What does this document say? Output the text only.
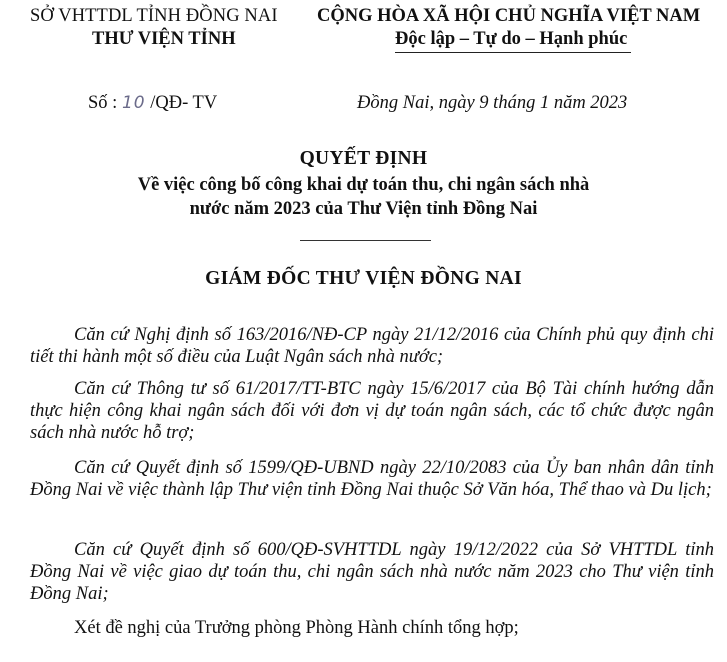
SỞ VHTTDL TỈNH ĐỒNG NAI
THƯ VIỆN TỈNH
CỘNG HÒA XÃ HỘI CHỦ NGHĨA VIỆT NAM
Độc lập – Tự do – Hạnh phúc
Số : 10 /QĐ- TV	Đồng Nai, ngày 9 tháng 1 năm 2023
QUYẾT ĐỊNH
Về việc công bố công khai dự toán thu, chi ngân sách nhà
nước năm 2023 của Thư Viện tỉnh Đồng Nai
GIÁM ĐỐC THƯ VIỆN ĐỒNG NAI
Căn cứ Nghị định số 163/2016/NĐ-CP ngày 21/12/2016 của Chính phủ quy định chi tiết thi hành một số điều của Luật Ngân sách nhà nước;
Căn cứ Thông tư số 61/2017/TT-BTC ngày 15/6/2017 của Bộ Tài chính hướng dẫn thực hiện công khai ngân sách đối với đơn vị dự toán ngân sách, các tổ chức được ngân sách nhà nước hỗ trợ;
Căn cứ Quyết định số 1599/QĐ-UBND ngày 22/10/2083 của Ủy ban nhân dân tỉnh Đồng Nai về việc thành lập Thư viện tỉnh Đồng Nai thuộc Sở Văn hóa, Thể thao và Du lịch;
Căn cứ Quyết định số 600/QĐ-SVHTTDL ngày 19/12/2022 của Sở VHTTDL tỉnh Đồng Nai về việc giao dự toán thu, chi ngân sách nhà nước năm 2023 cho Thư viện tỉnh Đồng Nai;
Xét đề nghị của Trưởng phòng Phòng Hành chính tổng hợp;
